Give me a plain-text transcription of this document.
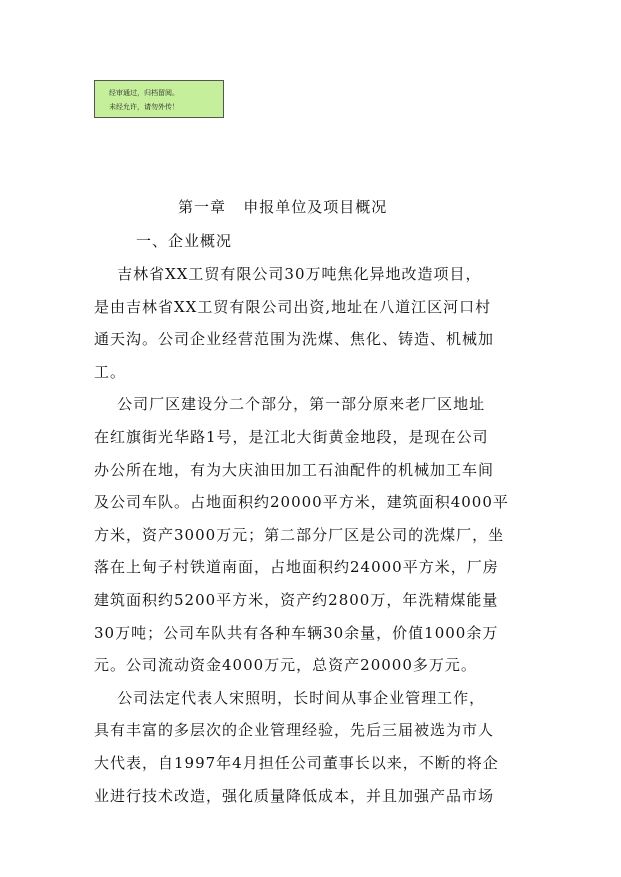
经审通过，归档留阅。
未经允许，请勿外传！
第一章   申报单位及项目概况
一、企业概况
吉林省XX工贸有限公司30万吨焦化异地改造项目，
是由吉林省XX工贸有限公司出资,地址在八道江区河口村
通天沟。公司企业经营范围为洗煤、焦化、铸造、机械加
工。
公司厂区建设分二个部分，第一部分原来老厂区地址
在红旗街光华路1号，是江北大街黄金地段，是现在公司
办公所在地，有为大庆油田加工石油配件的机械加工车间
及公司车队。占地面积约20000平方米，建筑面积4000平
方米，资产3000万元；第二部分厂区是公司的洗煤厂，坐
落在上甸子村铁道南面，占地面积约24000平方米，厂房
建筑面积约5200平方米，资产约2800万，年洗精煤能量
30万吨；公司车队共有各种车辆30余量，价值1000余万
元。公司流动资金4000万元，总资产20000多万元。
公司法定代表人宋照明，长时间从事企业管理工作，
具有丰富的多层次的企业管理经验，先后三届被选为市人
大代表，自1997年4月担任公司董事长以来，不断的将企
业进行技术改造，强化质量降低成本，并且加强产品市场
